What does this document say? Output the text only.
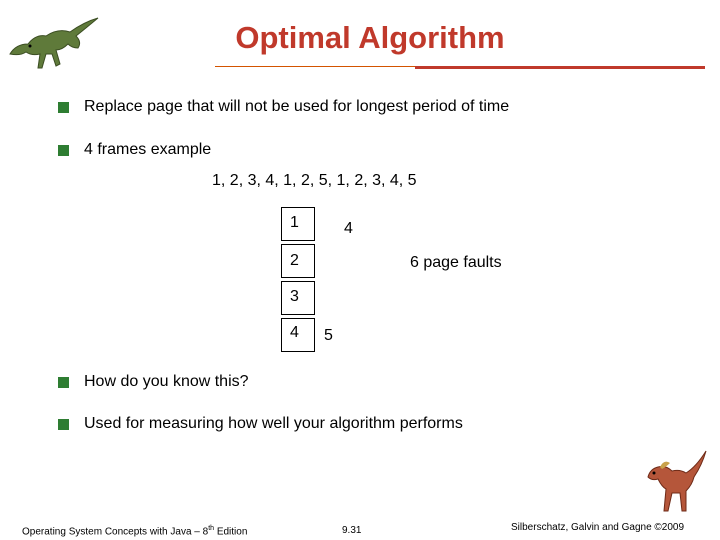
Optimal Algorithm
Replace page that will not be used for longest period of time
4 frames example
1, 2, 3, 4, 1, 2, 5, 1, 2, 3, 4, 5
1
2
3
4
4
5
6 page faults
How do you know this?
Used for measuring how well your algorithm performs
Operating System Concepts with Java – 8th Edition	9.31	Silberschatz, Galvin and Gagne ©2009
